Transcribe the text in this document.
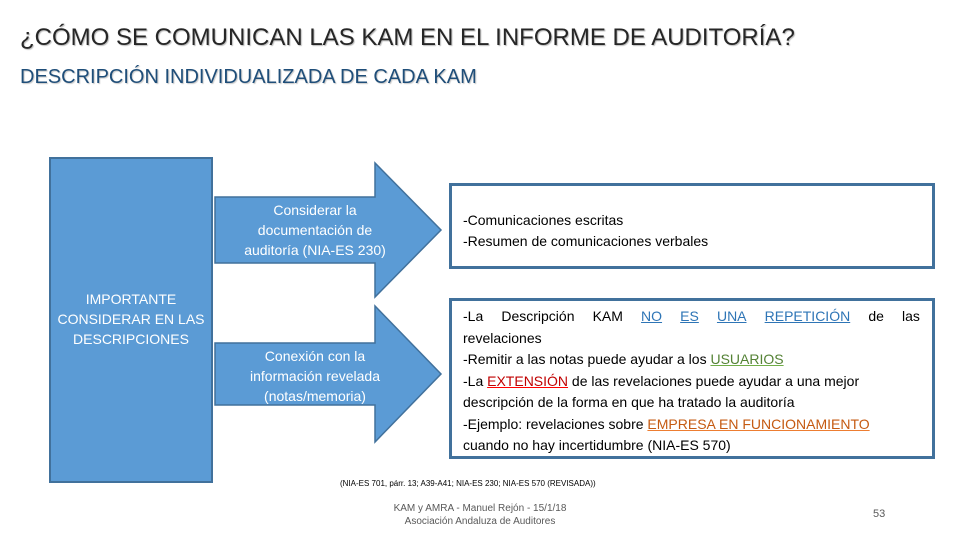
¿CÓMO SE COMUNICAN LAS KAM EN EL INFORME DE AUDITORÍA?
DESCRIPCIÓN INDIVIDUALIZADA DE CADA KAM
IMPORTANTE
CONSIDERAR EN LAS
DESCRIPCIONES
Considerar la
documentación de
auditoría (NIA-ES 230)
Conexión con la
información revelada
(notas/memoria)
-Comunicaciones escritas
-Resumen de comunicaciones verbales
-La Descripción KAM NO ES UNA REPETICIÓN de las
revelaciones
-Remitir a las notas puede ayudar a los USUARIOS
-La EXTENSIÓN de las revelaciones puede ayudar a una mejor
descripción de la forma en que ha tratado la auditoría
-Ejemplo: revelaciones sobre EMPRESA EN FUNCIONAMIENTO
cuando no hay incertidumbre (NIA-ES 570)
(NIA-ES 701, párr. 13; A39-A41; NIA-ES 230; NIA-ES 570 (REVISADA))
KAM y AMRA - Manuel Rejón - 15/1/18
Asociación Andaluza de Auditores
53
